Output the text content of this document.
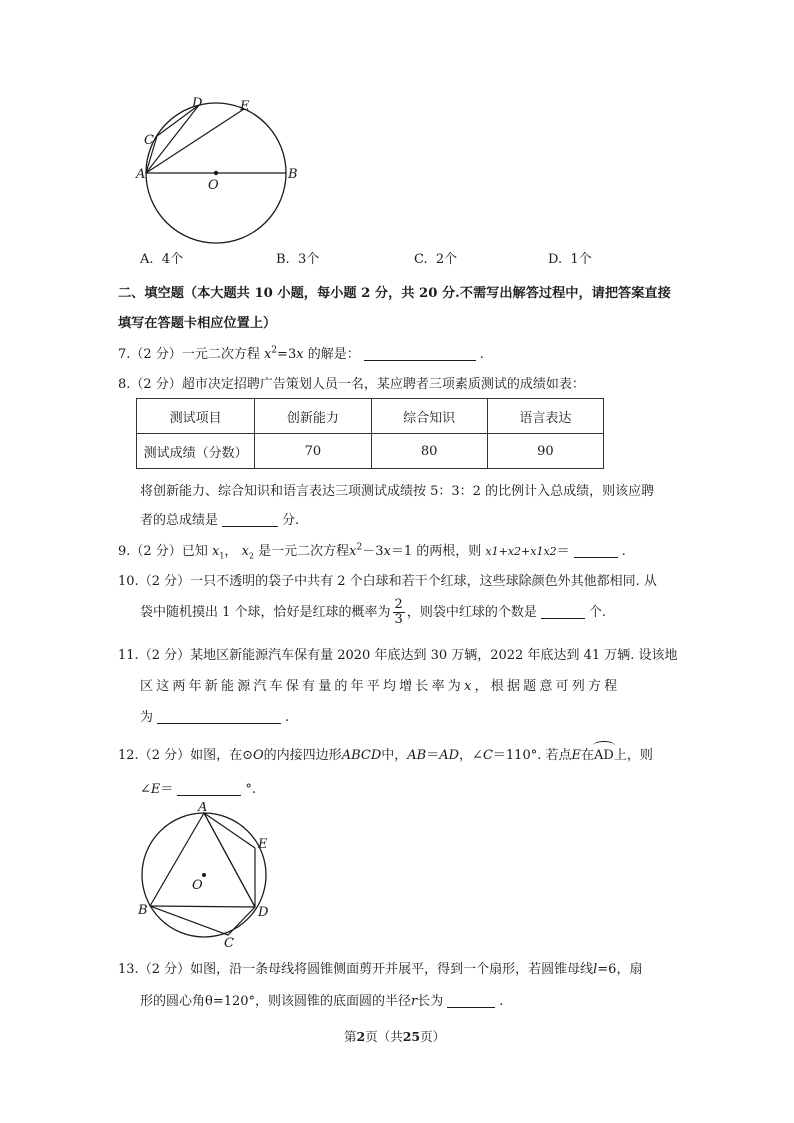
A	B
C
D	E
O
A. 4个	B. 3个	C. 2个	D. 1个
二、填空题（本大题共 10 小题，每小题 2 分，共 20 分.不需写出解答过程中，请把答案直接
填写在答题卡相应位置上）
7.（2 分）一元二次方程 $x^2=3x$ 的解是：	.
8.（2 分）超市决定招聘广告策划人员一名，某应聘者三项素质测试的成绩如表：
测试项目	创新能力	综合知识	语言表达
测试成绩（分数）	70	80	90
将创新能力、综合知识和语言表达三项测试成绩按 5：3：2 的比例计入总成绩，则该应聘
者的总成绩是	分.
9.（2 分）已知 $x_1$， $x_2$ 是一元二次方程$x^2-3x=1$ 的两根，则 x1+x2+x1x2＝	.
10.（2 分）一只不透明的袋子中共有 2 个白球和若干个红球，这些球除颜色外其他都相同. 从
袋中随机摸出 1 个球，恰好是红球的概率为 $\frac{2}{3}$ ，则袋中红球的个数是	个.
11.（2 分）某地区新能源汽车保有量 2020 年底达到 30 万辆，2022 年底达到 41 万辆. 设该地
区这两年新能源汽车保有量的年平均增长率为x，根据题意可列方程
为	.
12.（2 分）如图，在⊙O的内接四边形ABCD中，AB＝AD，∠C＝110°. 若点E在AD上，则
∠E＝	°.
A
B
C
D
E
O
13.（2 分）如图，沿一条母线将圆锥侧面剪开并展平，得到一个扇形，若圆锥母线l=6，扇
形的圆心角θ=120°，则该圆锥的底面圆的半径r长为	.
第2页（共25页）
